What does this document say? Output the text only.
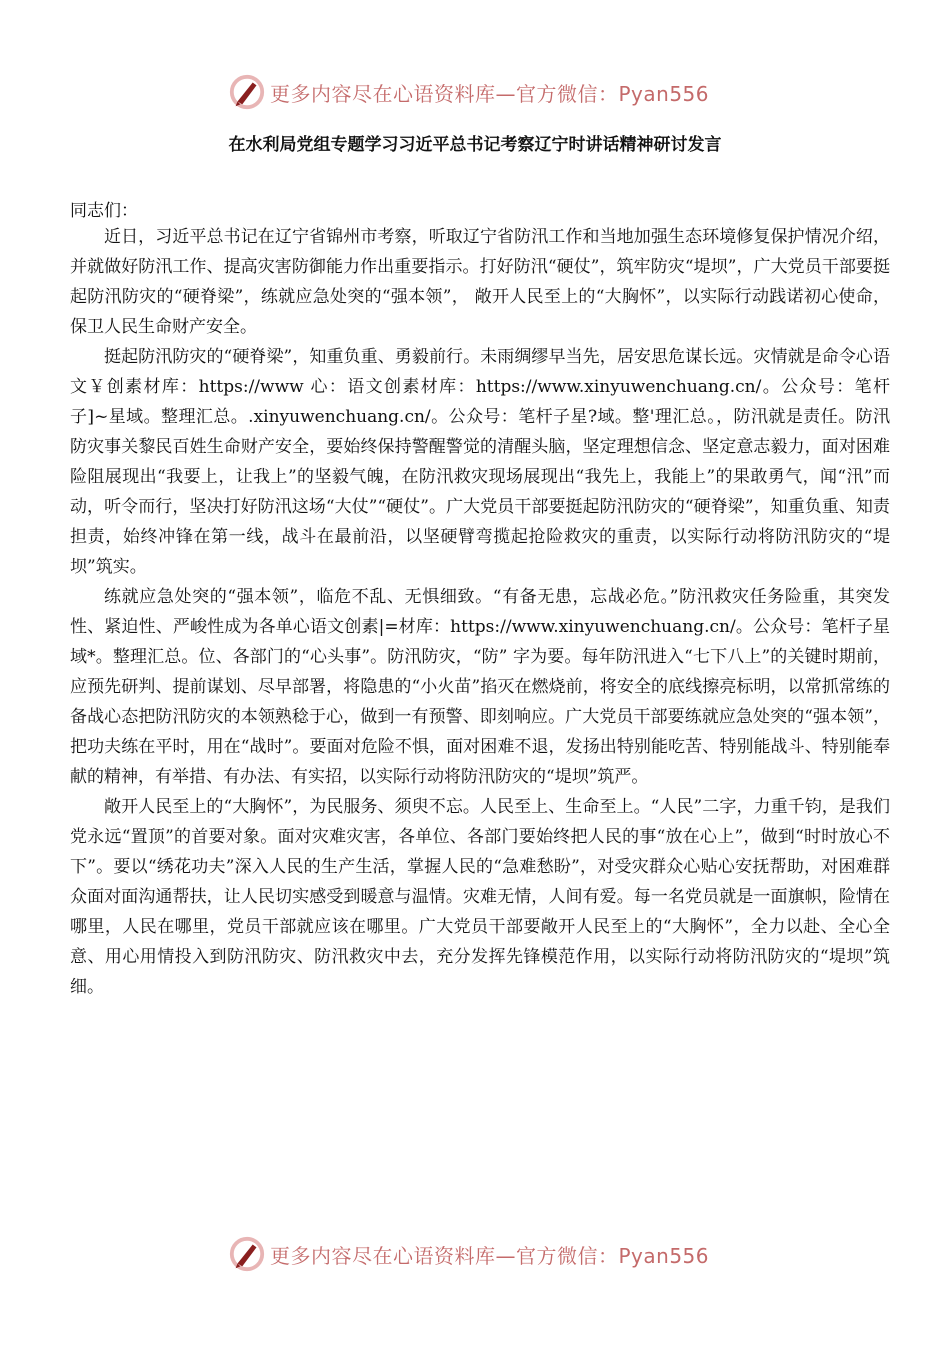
更多内容尽在心语资料库—官方微信：Pyan556
在水利局党组专题学习习近平总书记考察辽宁时讲话精神研讨发言
同志们：

近日，习近平总书记在辽宁省锦州市考察，听取辽宁省防汛工作和当地加强生态环境修复保护情况介绍，并就做好防汛工作、提高灾害防御能力作出重要指示。打好防汛“硬仗”，筑牢防灾“堤坝”，广大党员干部要挺起防汛防灾的“硬脊梁”，练就应急处突的“强本领”， 敞开人民至上的“大胸怀”，以实际行动践诺初心使命，保卫人民生命财产安全。

挺起防汛防灾的“硬脊梁”，知重负重、勇毅前行。未雨绸缪早当先，居安思危谋长远。灾情就是命令心语文￥创素材库：https://www 心：语文创素材库：https://www.xinyuwenchuang.cn/。公众号：笔杆子]~星域。整理汇总。.xinyuwenchuang.cn/。公众号：笔杆子星?域。整'理汇总。，防汛就是责任。防汛防灾事关黎民百姓生命财产安全，要始终保持警醒警觉的清醒头脑，坚定理想信念、坚定意志毅力，面对困难险阻展现出“我要上，让我上”的坚毅气魄，在防汛救灾现场展现出“我先上，我能上”的果敢勇气，闻“汛”而动，听令而行，坚决打好防汛这场“大仗”“硬仗”。广大党员干部要挺起防汛防灾的“硬脊梁”，知重负重、知责担责，始终冲锋在第一线，战斗在最前沿，以坚硬臂弯揽起抢险救灾的重责，以实际行动将防汛防灾的“堤坝”筑实。

练就应急处突的“强本领”，临危不乱、无惧细致。“有备无患，忘战必危。”防汛救灾任务险重，其突发性、紧迫性、严峻性成为各单心语文创素|=材库：https://www.xinyuwenchuang.cn/。公众号：笔杆子星域*。整理汇总。位、各部门的“心头事”。防汛防灾，“防” 字为要。每年防汛进入“七下八上”的关键时期前，应预先研判、提前谋划、尽早部署，将隐患的“小火苗”掐灭在燃烧前，将安全的底线擦亮标明，以常抓常练的备战心态把防汛防灾的本领熟稔于心，做到一有预警、即刻响应。广大党员干部要练就应急处突的“强本领”，把功夫练在平时，用在“战时”。要面对危险不惧，面对困难不退，发扬出特别能吃苦、特别能战斗、特别能奉献的精神，有举措、有办法、有实招，以实际行动将防汛防灾的“堤坝”筑严。

敞开人民至上的“大胸怀”，为民服务、须臾不忘。人民至上、生命至上。“人民”二字，力重千钧，是我们党永远“置顶”的首要对象。面对灾难灾害，各单位、各部门要始终把人民的事“放在心上”，做到“时时放心不下”。要以“绣花功夫”深入人民的生产生活，掌握人民的“急难愁盼”，对受灾群众心贴心安抚帮助，对困难群众面对面沟通帮扶，让人民切实感受到暖意与温情。灾难无情，人间有爱。每一名党员就是一面旗帜，险情在哪里，人民在哪里，党员干部就应该在哪里。广大党员干部要敞开人民至上的“大胸怀”，全力以赴、全心全意、用心用情投入到防汛防灾、防汛救灾中去，充分发挥先锋模范作用，以实际行动将防汛防灾的“堤坝”筑细。

更多内容尽在心语资料库—官方微信：Pyan556
